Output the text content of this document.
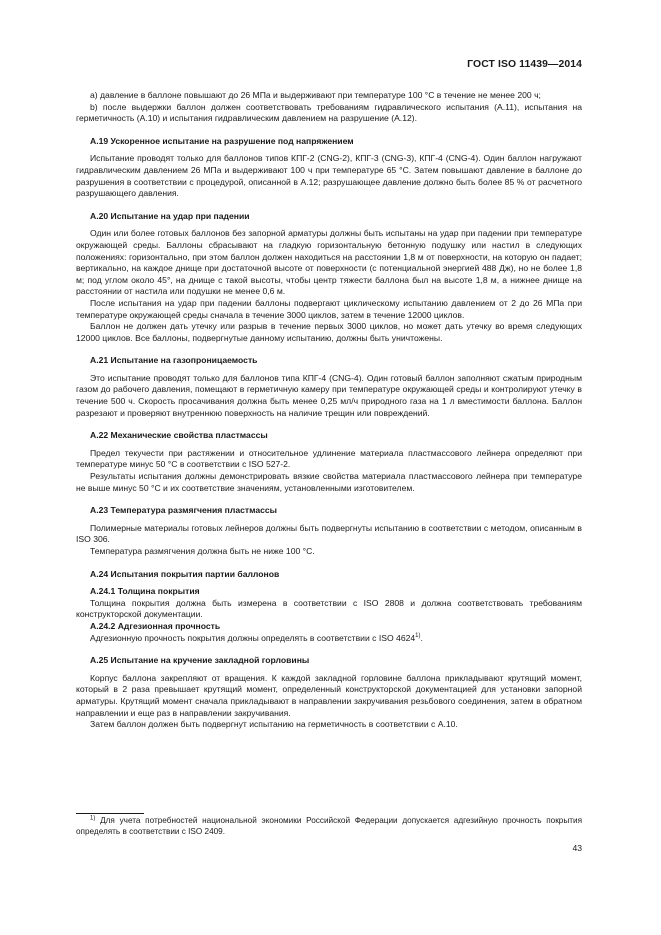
ГОСТ ISO 11439—2014

а) давление в баллоне повышают до 26 МПа и выдерживают при температуре 100 °С в течение не менее 200 ч;

b) после выдержки баллон должен соответствовать требованиям гидравлического испытания (А.11), испытания на герметичность (А.10) и испытания гидравлическим давлением на разрушение (А.12).

А.19 Ускоренное испытание на разрушение под напряжением

Испытание проводят только для баллонов типов КПГ-2 (CNG-2), КПГ-3 (CNG-3), КПГ-4 (CNG-4). Один баллон нагружают гидравлическим давлением 26 МПа и выдерживают 100 ч при температуре 65 °С. Затем повышают давление в баллоне до разрушения в соответствии с процедурой, описанной в А.12; разрушающее давление должно быть более 85 % от расчетного разрушающего давления.

А.20 Испытание на удар при падении

Один или более готовых баллонов без запорной арматуры должны быть испытаны на удар при падении при температуре окружающей среды. Баллоны сбрасывают на гладкую горизонтальную бетонную подушку или настил в следующих положениях: горизонтально, при этом баллон должен находиться на расстоянии 1,8 м от поверхности, на которую он падает; вертикально, на каждое днище при достаточной высоте от поверхности (с потенциальной энергией 488 Дж), но не более 1,8 м; под углом около 45°, на днище с такой высоты, чтобы центр тяжести баллона был на высоте 1,8 м, а нижнее днище на расстоянии от настила или подушки не менее 0,6 м.

После испытания на удар при падении баллоны подвергают циклическому испытанию давлением от 2 до 26 МПа при температуре окружающей среды сначала в течение 3000 циклов, затем в течение 12000 циклов.

Баллон не должен дать утечку или разрыв в течение первых 3000 циклов, но может дать утечку во время следующих 12000 циклов. Все баллоны, подвергнутые данному испытанию, должны быть уничтожены.

А.21 Испытание на газопроницаемость

Это испытание проводят только для баллонов типа КПГ-4 (CNG-4). Один готовый баллон заполняют сжатым природным газом до рабочего давления, помещают в герметичную камеру при температуре окружающей среды и контролируют утечку в течение 500 ч. Скорость просачивания должна быть менее 0,25 мл/ч природного газа на 1 л вместимости баллона. Баллон разрезают и проверяют внутреннюю поверхность на наличие трещин или повреждений.

А.22 Механические свойства пластмассы

Предел текучести при растяжении и относительное удлинение материала пластмассового лейнера определяют при температуре минус 50 °С в соответствии с ISO 527-2.

Результаты испытания должны демонстрировать вязкие свойства материала пластмассового лейнера при температуре не выше минус 50 °С и их соответствие значениям, установленными изготовителем.

А.23 Температура размягчения пластмассы

Полимерные материалы готовых лейнеров должны быть подвергнуты испытанию в соответствии с методом, описанным в ISO 306.

Температура размягчения должна быть не ниже 100 °С.

А.24 Испытания покрытия партии баллонов
А.24.1 Толщина покрытия

Толщина покрытия должна быть измерена в соответствии с ISO 2808 и должна соответствовать требованиям конструкторской документации.

А.24.2 Адгезионная прочность

Адгезионную прочность покрытия должны определять в соответствии с ISO 4624$^{1)}$.

А.25 Испытание на кручение закладной горловины

Корпус баллона закрепляют от вращения. К каждой закладной горловине баллона прикладывают крутящий момент, который в 2 раза превышает крутящий момент, определенный конструкторской документацией для установки запорной арматуры. Крутящий момент сначала прикладывают в направлении закручивания резьбового соединения, затем в обратном направлении и еще раз в направлении закручивания.

Затем баллон должен быть подвергнут испытанию на герметичность в соответствии с А.10.

$^{1)}$ Для учета потребностей национальной экономики Российской Федерации допускается адгезийную прочность покрытия определять в соответствии с ISO 2409.

43
